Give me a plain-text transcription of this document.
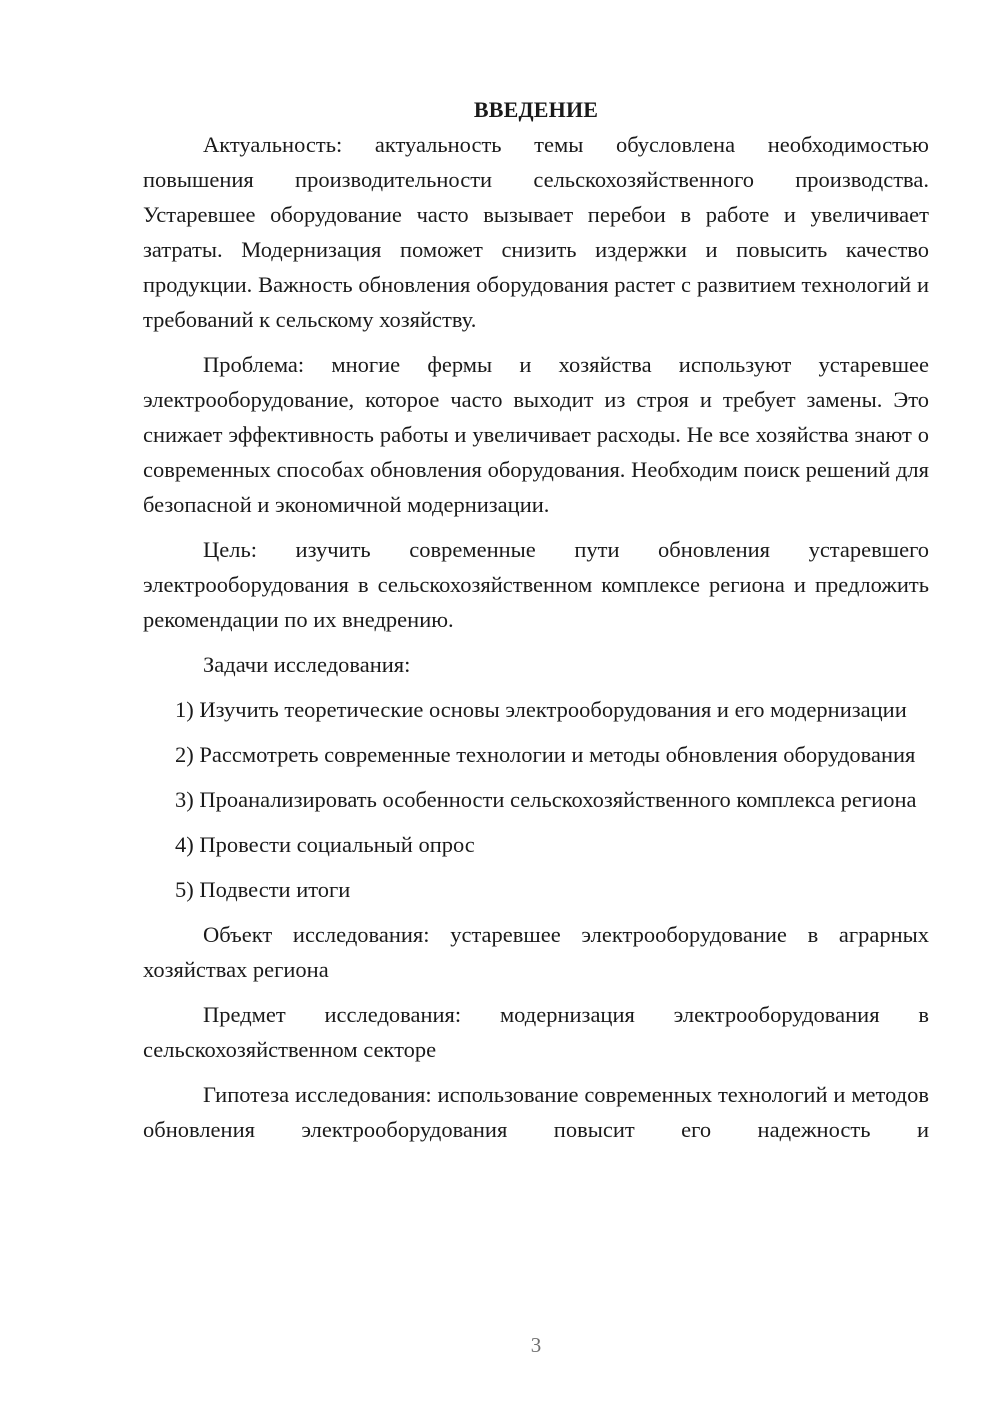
ВВЕДЕНИЕ

Актуальность: актуальность темы обусловлена необходимостью повышения производительности сельскохозяйственного производства. Устаревшее оборудование часто вызывает перебои в работе и увеличивает затраты. Модернизация поможет снизить издержки и повысить качество продукции. Важность обновления оборудования растет с развитием технологий и требований к сельскому хозяйству.

Проблема: многие фермы и хозяйства используют устаревшее электрооборудование, которое часто выходит из строя и требует замены. Это снижает эффективность работы и увеличивает расходы. Не все хозяйства знают о современных способах обновления оборудования. Необходим поиск решений для безопасной и экономичной модернизации.

Цель: изучить современные пути обновления устаревшего электрооборудования в сельскохозяйственном комплексе региона и предложить рекомендации по их внедрению.

Задачи исследования:

1) Изучить теоретические основы электрооборудования и его модернизации

2) Рассмотреть современные технологии и методы обновления оборудования

3) Проанализировать особенности сельскохозяйственного комплекса региона

4) Провести социальный опрос

5) Подвести итоги

Объект исследования: устаревшее электрооборудование в аграрных хозяйствах региона

Предмет исследования: модернизация электрооборудования в сельскохозяйственном секторе

Гипотеза исследования: использование современных технологий и методов обновления электрооборудования повысит его надежность и

3
